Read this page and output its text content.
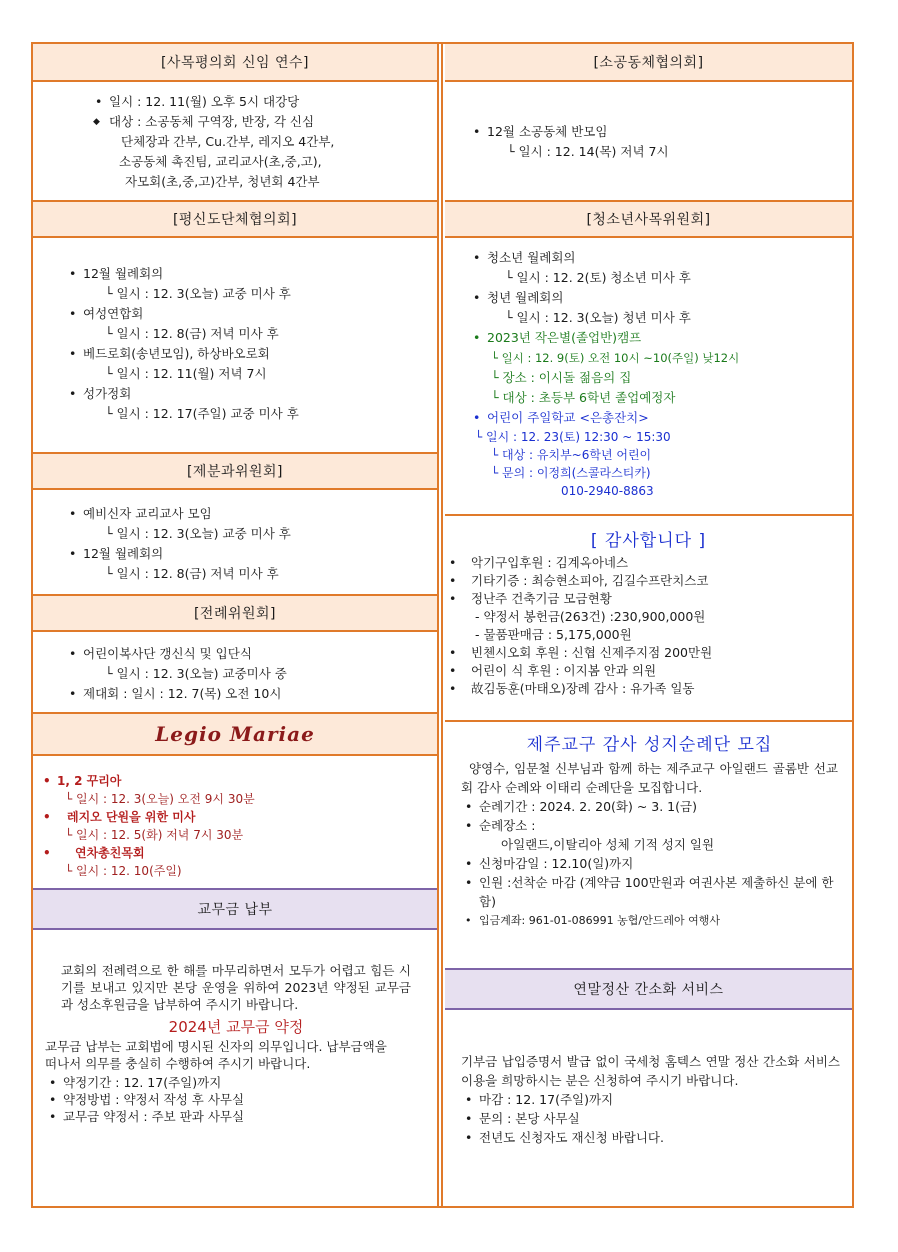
[사목평의회 신임 연수]
• 일시 : 12. 11(월) 오후 5시 대강당
◆ 대상 : 소공동체 구역장, 반장, 각 신심
단체장과 간부, Cu.간부, 레지오 4간부,
소공동체 촉진팀, 교리교사(초,중,고),
자모회(초,중,고)간부, 청년회 4간부
[평신도단체협의회]
• 12월 월례회의
└ 일시 : 12. 3(오늘) 교중 미사 후
• 여성연합회
└ 일시 : 12. 8(금) 저녁 미사 후
• 베드로회(송년모임), 하상바오로회
└ 일시 : 12. 11(월) 저녁 7시
• 성가정회
└ 일시 : 12. 17(주일) 교중 미사 후
[제분과위원회]
• 예비신자 교리교사 모임
└ 일시 : 12. 3(오늘) 교중 미사 후
• 12월 월례회의
└ 일시 : 12. 8(금) 저녁 미사 후
[전례위원회]
• 어린이복사단 갱신식 및 입단식
└ 일시 : 12. 3(오늘) 교중미사 중
• 제대회 : 일시 : 12. 7(목) 오전 10시
Legio Mariae
• 1, 2 꾸리아
└ 일시 : 12. 3(오늘) 오전 9시 30분
• 레지오 단원을 위한 미사
└ 일시 : 12. 5(화) 저녁 7시 30분
• 연차총친목회
└ 일시 : 12. 10(주일)
교무금 납부

교회의 전례력으로 한 해를 마무리하면서 모두가 어렵고 힘든 시기를 보내고 있지만 본당 운영을 위하여 2023년 약정된 교무금과 성소후원금을 납부하여 주시기 바랍니다.

2024년 교무금 약정

교무금 납부는 교회법에 명시된 신자의 의무입니다. 납부금액을 떠나서 의무를 충실히 수행하여 주시기 바랍니다.

• 약정기간 : 12. 17(주일)까지
• 약정방법 : 약정서 작성 후 사무실
• 교무금 약정서 : 주보 판과 사무실
[소공동체협의회]
• 12월 소공동체 반모임
└ 일시 : 12. 14(목) 저녁 7시
[청소년사목위원회]
• 청소년 월례회의
└ 일시 : 12. 2(토) 청소년 미사 후
• 청년 월례회의
└ 일시 : 12. 3(오늘) 청년 미사 후
• 2023년 작은별(졸업반)캠프
└ 일시 : 12. 9(토) 오전 10시 ~10(주일) 낮12시
└ 장소 : 이시돌 젊음의 집
└ 대상 : 초등부 6학년 졸업예정자
• 어린이 주일학교 <은총잔치>
└ 일시 : 12. 23(토) 12:30 ~ 15:30
└ 대상 : 유치부~6학년 어린이
└ 문의 : 이정희(스콜라스티카)
010-2940-8863

[ 감사합니다 ]

• 악기구입후원 : 김계옥아네스
• 기타기증 : 최승현소피아, 김길수프란치스코
• 정난주 건축기금 모금현황
- 약정서 봉헌금(263건) :230,900,000원
- 물품판매금 : 5,175,000원
• 빈첸시오회 후원 : 신협 신제주지점 200만원
• 어린이 식 후원 : 이지봄 안과 의원
• 故김동훈(마태오)장례 감사 : 유가족 일동

제주교구 감사 성지순례단 모집

양영수, 임문철 신부님과 함께 하는 제주교구 아일랜드 골롬반 선교회 감사 순례와 이태리 순례단을 모집합니다.

• 순례기간 : 2024. 2. 20(화) ~ 3. 1(금)
• 순례장소 :
아일랜드,이탈리아 성체 기적 성지 일원
• 신청마감일 : 12.10(일)까지
• 인원 :선착순 마감 (계약금 100만원과 여권사본 제출하신 분에 한함)
• 입금계좌: 961-01-086991 농협/안드레아 여행사
연말정산 간소화 서비스

기부금 납입증명서 발급 없이 국세청 홈텍스 연말 정산 간소화 서비스 이용을 희망하시는 분은 신청하여 주시기 바랍니다.

• 마감 : 12. 17(주일)까지
• 문의 : 본당 사무실
• 전년도 신청자도 재신청 바랍니다.
